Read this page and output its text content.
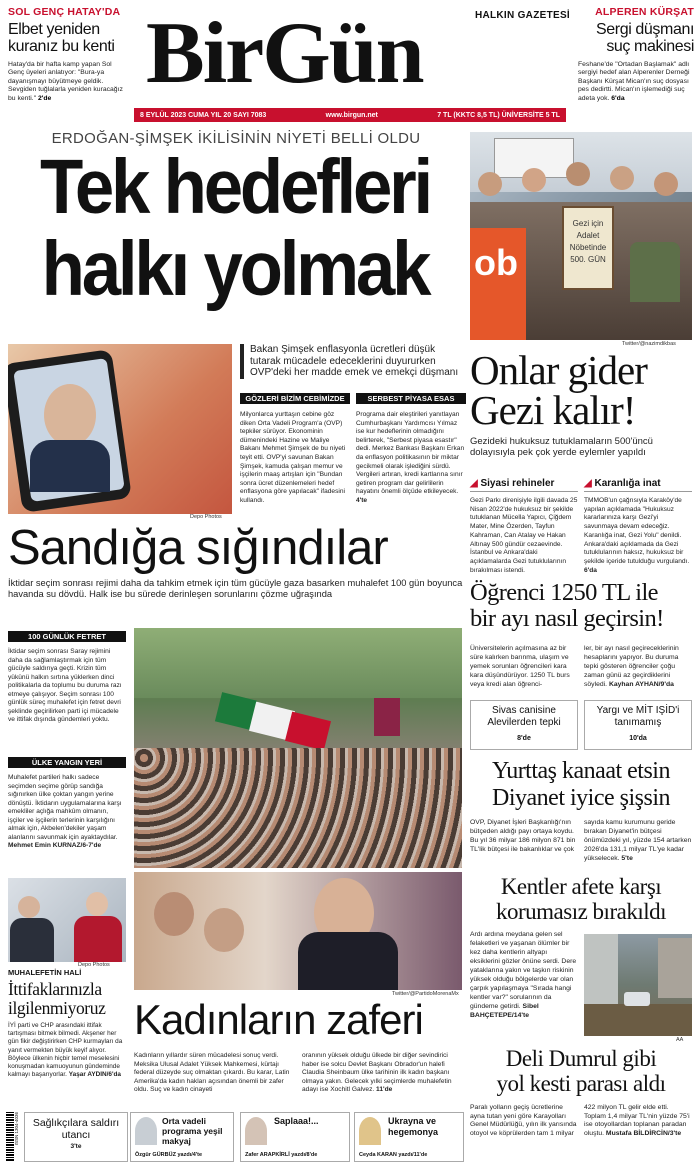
SOL GENÇ HATAY'DA
Elbet yeniden kuranız bu kenti
Hatay'da bir hafta kamp yapan Sol Genç üyeleri anlatıyor: "Bura-ya dayanışmayı büyütmeye geldik. Sevgiden tuğlalarla yeniden kuracağız bu kenti." 2'de	BirGün	HALKIN GAZETESİ	ALPEREN KÜRŞAT
Sergi düşmanı suç makinesi
Feshane'de "Ortadan Başlamak" adlı sergiyi hedef alan Alperenler Derneği Başkanı Kürşat Mican'ın suç dosyası pes dedirtti. Mican'ın işlemediği suç adeta yok. 6'da
8 EYLÜL 2023 CUMA YIL 20 SAYI 7083	www.birgun.net	7 TL (KKTC 8,5 TL) ÜNİVERSİTE 5 TL
ERDOĞAN-ŞİMŞEK İKİLİSİNİN NİYETİ BELLİ OLDU
Tek hedefleri
halkı yolmak	ob
Gezi için Adalet Nöbetinde 500. GÜN
Twitter/@nazimdikbas
Depo Photos
Bakan Şimşek enflasyonla ücretleri düşük tutarak mücadele edeceklerini duyururken OVP'deki her madde emek ve emekçi düşmanı
GÖZLERİ BİZİM CEBİMİZDE
Milyonlarca yurttaşın cebine göz diken Orta Vadeli Program'a (OVP) tepkiler sürüyor. Ekonominin dümenindeki Hazine ve Maliye Bakanı Mehmet Şimşek de bu niyeti teyit etti. OVP'yi savunan Bakan Şimşek, kamuda çalışan memur ve işçilerin maaş artışları için "Bundan sonra ücret düzenlemeleri hedef enflasyona göre yapılacak" ifadesini kullandı.
SERBEST PİYASA ESAS
Programa dair eleştirileri yanıtlayan Cumhurbaşkanı Yardımcısı Yılmaz ise kur hedeflerinin olmadığını belirterek, "Serbest piyasa esastır" dedi. Merkez Bankası Başkanı Erkan da enflasyon politikasının bir miktar gecikmeli olarak işlediğini sürdü. Vergileri artıran, kredi kartlarına sınır getiren program dar gelirlilerin hayatını önemli ölçüde etkileyecek. 4'te
Onlar gider
Gezi kalır!
Gezideki hukuksuz tutuklamaların 500'üncü dolayısıyla pek çok yerde eylemler yapıldı
◢ Siyasi rehineler
Gezi Parkı direnişiyle ilgili davada 25 Nisan 2022'de hukuksuz bir şekilde tutuklanan Mücella Yapıcı, Çiğdem Mater, Mine Özerden, Tayfun Kahraman, Can Atalay ve Hakan Altınay 500 gündür cezaevinde. İstanbul ve Ankara'daki açıklamalarda Gezi tutuklularının bırakılması istendi.
◢ Karanlığa inat
TMMOB'un çağrısıyla Karaköy'de yapılan açıklamada "Hukuksuz kararlarınıza karşı Gezi'yi savunmaya devam edeceğiz. Karanlığa inat, Gezi Yolu" denildi. Ankara'daki açıklamada da Gezi tutuklularının haksız, hukuksuz bir şekilde içeride tutulduğu vurgulandı. 6'da
Sandığa sığındılar
İktidar seçim sonrası rejimi daha da tahkim etmek için tüm gücüyle gaza basarken muhalefet 100 gün boyunca havanda su dövdü. Halk ise bu sürede derinleşen sorunlarını çözme uğraşında	Öğrenci 1250 TL ile
bir ayı nasıl geçirsin!
Üniversitelerin açılmasına az bir süre kalırken barınma, ulaşım ve yemek sorunları öğrencileri kara kara düşündürüyor. 1250 TL burs veya kredi alan öğrenci-
ler, bir ayı nasıl geçireceklerinin hesaplarını yapıyor. Bu duruma tepki gösteren öğrenciler çoğu zaman günü az geçirdiklerini söyledi. Kayhan AYHAN/9'da
Sivas canisine Alevilerden tepki
8'de
Yargı ve MİT IŞİD'i tanımamış
10'da
Yurttaş kanaat etsin
Diyanet iyice şişsin
OVP, Diyanet İşleri Başkanlığı'nın bütçeden aldığı payı ortaya koydu. Bu yıl 36 milyar 186 milyon 871 bin TL'lik bütçesi ile bakanlıklar ve çok
sayıda kamu kurumunu geride bırakan Diyanet'in bütçesi önümüzdeki yıl, yüzde 154 artarken 2026'da 131,1 milyar TL'ye kadar yükselecek. 5'te
Kentler afete karşı
korumasız bırakıldı
Ardı ardına meydana gelen sel felaketleri ve yaşanan ölümler bir kez daha kentlerin altyapı eksiklerini gözler önüne serdi. Dere yataklarına yakın ve taşkın riskinin yüksek olduğu bölgelerde var olan çarpık yapılaşmaya "Sırada hangi kentler var?" sorularının da gündeme getirdi. Sibel BAHÇETEPE/14'te
AA
Deli Dumrul gibi
yol kesti parası aldı
Paralı yolların geçiş ücretlerine ayna tutan yeni göre Karayolları Genel Müdürlüğü, yılın ilk yarısında otoyol ve köprülerden tam 1 milyar
422 milyon TL gelir elde etti. Toplam 1,4 milyar TL'nin yüzde 75'i ise otoyollardan toplanan paradan oluştu. Mustafa BİLDİRCİN/3'te
100 GÜNLÜK FETRET
İktidar seçim sonrası Saray rejimini daha da sağlamlaştırmak için tüm gücüyle saldırıya geçti. Krizin tüm yükünü halkın sırtına yüklerken dinci politikalarla da toplumu bu duruma razı etmeye çalışıyor. Seçim sonrası 100 günlük süreç muhalefet için fetret devri şeklinde geçirilirken parti içi mücadele ve ittifak dışında gündemleri yoktu.
ÜLKE YANGIN YERİ
Muhalefet partileri halkı sadece seçimden seçime görüp sandığa sığınırken ülke çoktan yangın yerine dönüştü. İktidarın uygulamalarına karşı emekliler açlığa mahkûm olmanın, işçiler ve işçilerin terlerinin karşılığını almak için, Akbelen'dekiler yaşam alanlarını savunmak için ayaktaydılar. Mehmet Emin KURNAZ/6-7'de
Depo Photos
MUHALEFETİN HALİ
İttifaklarınızla ilgilenmiyoruz
İYİ parti ve CHP arasındaki ittifak tartışması bitmek bilmedi. Akşener her gün fikir değiştirirken CHP kurmayları da yanıt vermekten büyük keyif alıyor. Böylece ülkenin hiçbir temel meselesini konuşmadan kamuoyunun gündeminde kalmayı başarıyorlar. Yaşar AYDIN/6'da
Twitter/@PartidoMorenaMx
Kadınların zaferi
Kadınların yıllardır süren mücadelesi sonuç verdi. Meksika Ulusal Adalet Yüksek Mahkemesi, kürtajı federal düzeyde suç olmaktan çıkardı. Bu karar, Latin Amerika'da kadın hakları açısından önemli bir zafer oldu. Suç ve kadın cinayeti
oranının yüksek olduğu ülkede bir diğer sevindirici haber ise solcu Devlet Başkanı Obrador'un halefi Claudia Sheinbaum ülke tarihinin ilk kadın başkanı olmaya yakın. Gelecek yılki seçimlerde muhalefetin adayı ise Xochitl Galvez. 11'de
ISSN 1304-4036	Sağlıkçılara saldırı utancı
3'te
Orta vadeli programa yeşil makyaj
Özgür GÜRBÜZ yazdı/4'te
Saplaaa!...
Zafer ARAPKİRLİ yazdı/8'de
Ukrayna ve hegemonya
Ceyda KARAN yazdı/11'de
